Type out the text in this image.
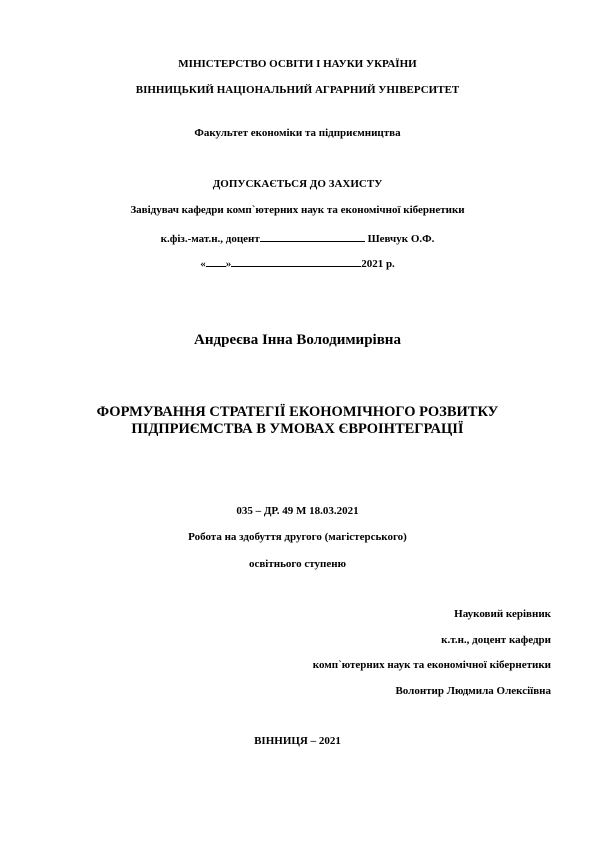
МІНІСТЕРСТВО ОСВІТИ І НАУКИ УКРАЇНИ
ВІННИЦЬКИЙ НАЦІОНАЛЬНИЙ АГРАРНИЙ УНІВЕРСИТЕТ
Факультет економіки та підприємництва
ДОПУСКАЄТЬСЯ ДО ЗАХИСТУ
Завідувач кафедри комп`ютерних наук та економічної кібернетики
к.фіз.-мат.н., доцент	Шевчук О.Ф.
« »	2021 р.
Андреєва Інна Володимирівна
ФОРМУВАННЯ СТРАТЕГІЇ ЕКОНОМІЧНОГО РОЗВИТКУ
ПІДПРИЄМСТВА В УМОВАХ ЄВРОІНТЕГРАЦІЇ
035 – ДР. 49 М 18.03.2021
Робота на здобуття другого (магістерського)
освітнього ступеню
Науковий керівник
к.т.н., доцент кафедри
комп`ютерних наук та економічної кібернетики
Волонтир Людмила Олексіївна
ВІННИЦЯ – 2021
